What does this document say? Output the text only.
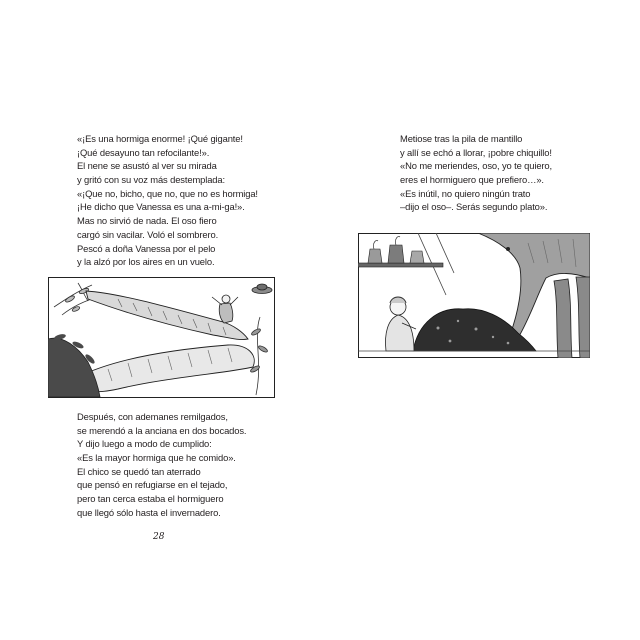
«¡Es una hormiga enorme! ¡Qué gigante!
¡Qué desayuno tan refocilante!».
El nene se asustó al ver su mirada
y gritó con su voz más destemplada:
«¡Que no, bicho, que no, que no es hormiga!
¡He dicho que Vanessa es una a-mi-ga!».
Mas no sirvió de nada. El oso fiero
cargó sin vacilar. Voló el sombrero.
Pescó a doña Vanessa por el pelo
y la alzó por los aires en un vuelo.
Después, con ademanes remilgados,
se merendó a la anciana en dos bocados.
Y dijo luego a modo de cumplido:
«Es la mayor hormiga que he comido».
El chico se quedó tan aterrado
que pensó en refugiarse en el tejado,
pero tan cerca estaba el hormiguero
que llegó sólo hasta el invernadero.
28
Metiose tras la pila de mantillo
y allí se echó a llorar, ¡pobre chiquillo!
«No me meriendes, oso, yo te quiero,
eres el hormiguero que prefiero…».
«Es inútil, no quiero ningún trato
–dijo el oso–. Serás segundo plato».
